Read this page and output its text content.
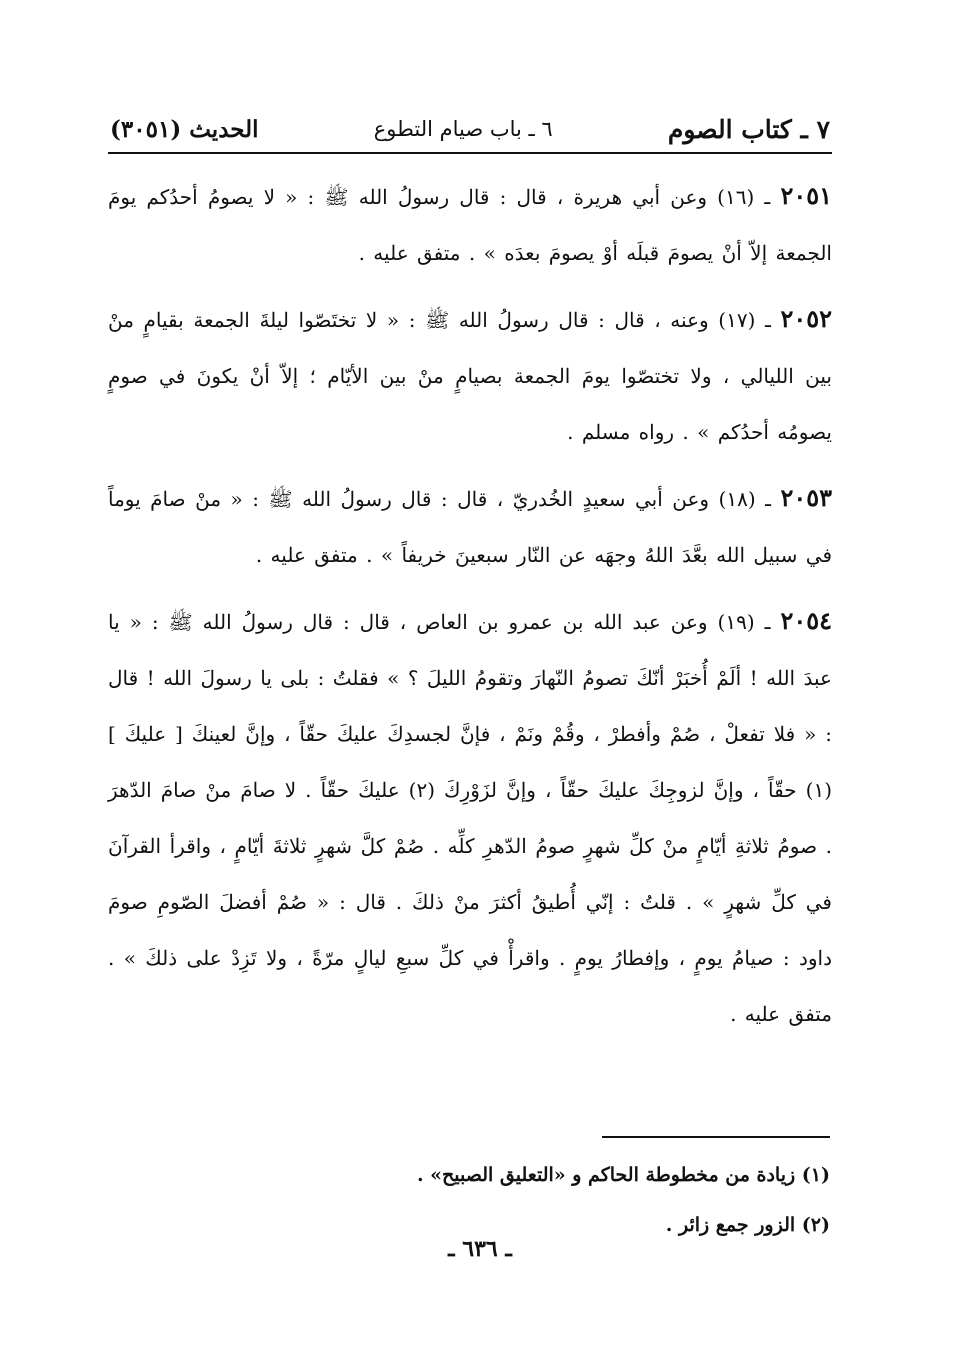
٧ ـ كتاب الصوم
٦ ـ باب صيام التطوع
الحديث (٣٠٥١)

٢٠٥١ ـ (١٦) وعن أبي هريرة ، قال : قال رسولُ الله ﷺ : « لا يصومُ أحدُكم يومَ الجمعة إلاّ أنْ يصومَ قبلَه أوْ يصومَ بعدَه » . متفق عليه .

٢٠٥٢ ـ (١٧) وعنه ، قال : قال رسولُ الله ﷺ : « لا تختَصّوا ليلةَ الجمعة بقيامٍ منْ بين الليالي ، ولا تختصّوا يومَ الجمعة بصيامٍ منْ بين الأيّام ؛ إلاّ أنْ يكونَ في صومٍ يصومُه أحدُكم » . رواه مسلم .

٢٠٥٣ ـ (١٨) وعن أبي سعيدٍ الخُدريّ ، قال : قال رسولُ الله ﷺ : « منْ صامَ يوماً في سبيل الله بعَّدَ اللهُ وجهَه عن النّار سبعينَ خريفاً » . متفق عليه .

٢٠٥٤ ـ (١٩) وعن عبد الله بن عمرو بن العاص ، قال : قال رسولُ الله ﷺ : « يا عبدَ الله ! ألَمْ أُخبَرْ أنّكَ تصومُ النّهارَ وتقومُ الليلَ ؟ » فقلتُ : بلى يا رسولَ الله ! قال : « فلا تفعلْ ، صُمْ وأفطرْ ، وقُمْ ونَمْ ، فإنَّ لجسدِكَ عليكَ حقّاً ، وإنَّ لعينكَ [ عليكَ ] (١) حقّاً ، وإنَّ لزوجِكَ عليكَ حقّاً ، وإنَّ لزَوْرِكَ (٢) عليكَ حقّاً . لا صامَ منْ صامَ الدّهرَ . صومُ ثلاثةِ أيّامٍ منْ كلِّ شهرٍ صومُ الدّهرِ كلِّه . صُمْ كلَّ شهرٍ ثلاثةَ أيّامٍ ، واقرأ القرآنَ في كلِّ شهرٍ » . قلتُ : إنّي أُطيقُ أكثرَ منْ ذلكَ . قال : « صُمْ أفضلَ الصّومِ صومَ داود : صيامُ يومٍ ، وإفطارُ يومٍ . واقرأْ في كلِّ سبعِ ليالٍ مرّةً ، ولا تَزِدْ على ذلكَ » . متفق عليه .

(١) زيادة من مخطوطة الحاكم و «التعليق الصبيح» .
(٢) الزور جمع زائر .
ـ ٦٣٦ ـ
